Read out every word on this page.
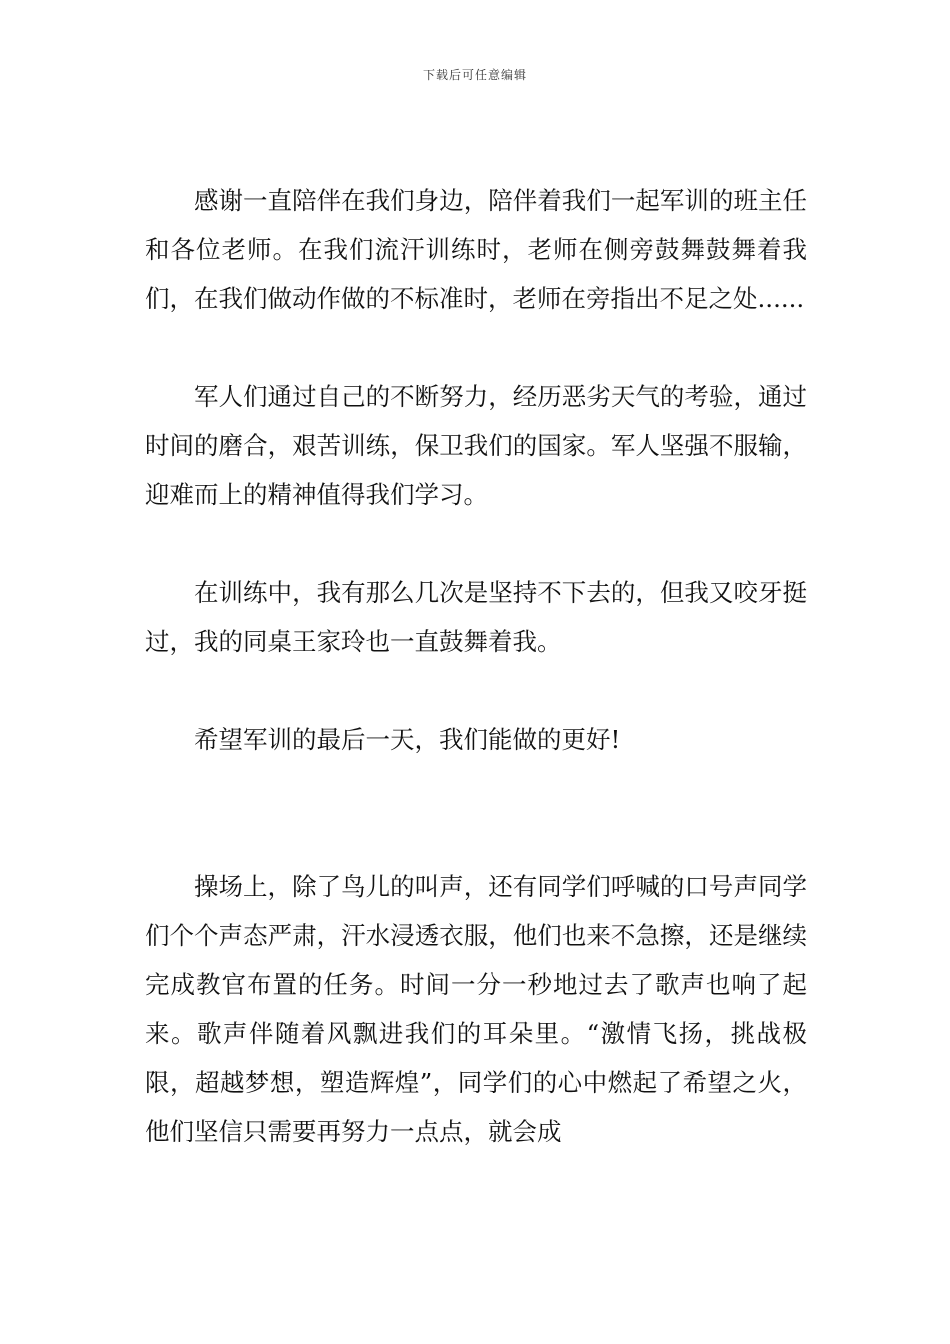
下载后可任意编辑

感谢一直陪伴在我们身边，陪伴着我们一起军训的班主任和各位老师。在我们流汗训练时，老师在侧旁鼓舞鼓舞着我们，在我们做动作做的不标准时，老师在旁指出不足之处......

军人们通过自己的不断努力，经历恶劣天气的考验，通过时间的磨合，艰苦训练，保卫我们的国家。军人坚强不服输，迎难而上的精神值得我们学习。

在训练中，我有那么几次是坚持不下去的，但我又咬牙挺过，我的同桌王家玲也一直鼓舞着我。

希望军训的最后一天，我们能做的更好!

操场上，除了鸟儿的叫声，还有同学们呼喊的口号声同学们个个声态严肃，汗水浸透衣服，他们也来不急擦，还是继续完成教官布置的任务。时间一分一秒地过去了歌声也响了起来。歌声伴随着风飘进我们的耳朵里。“激情飞扬，挑战极限，超越梦想，塑造辉煌”，同学们的心中燃起了希望之火，他们坚信只需要再努力一点点，就会成
